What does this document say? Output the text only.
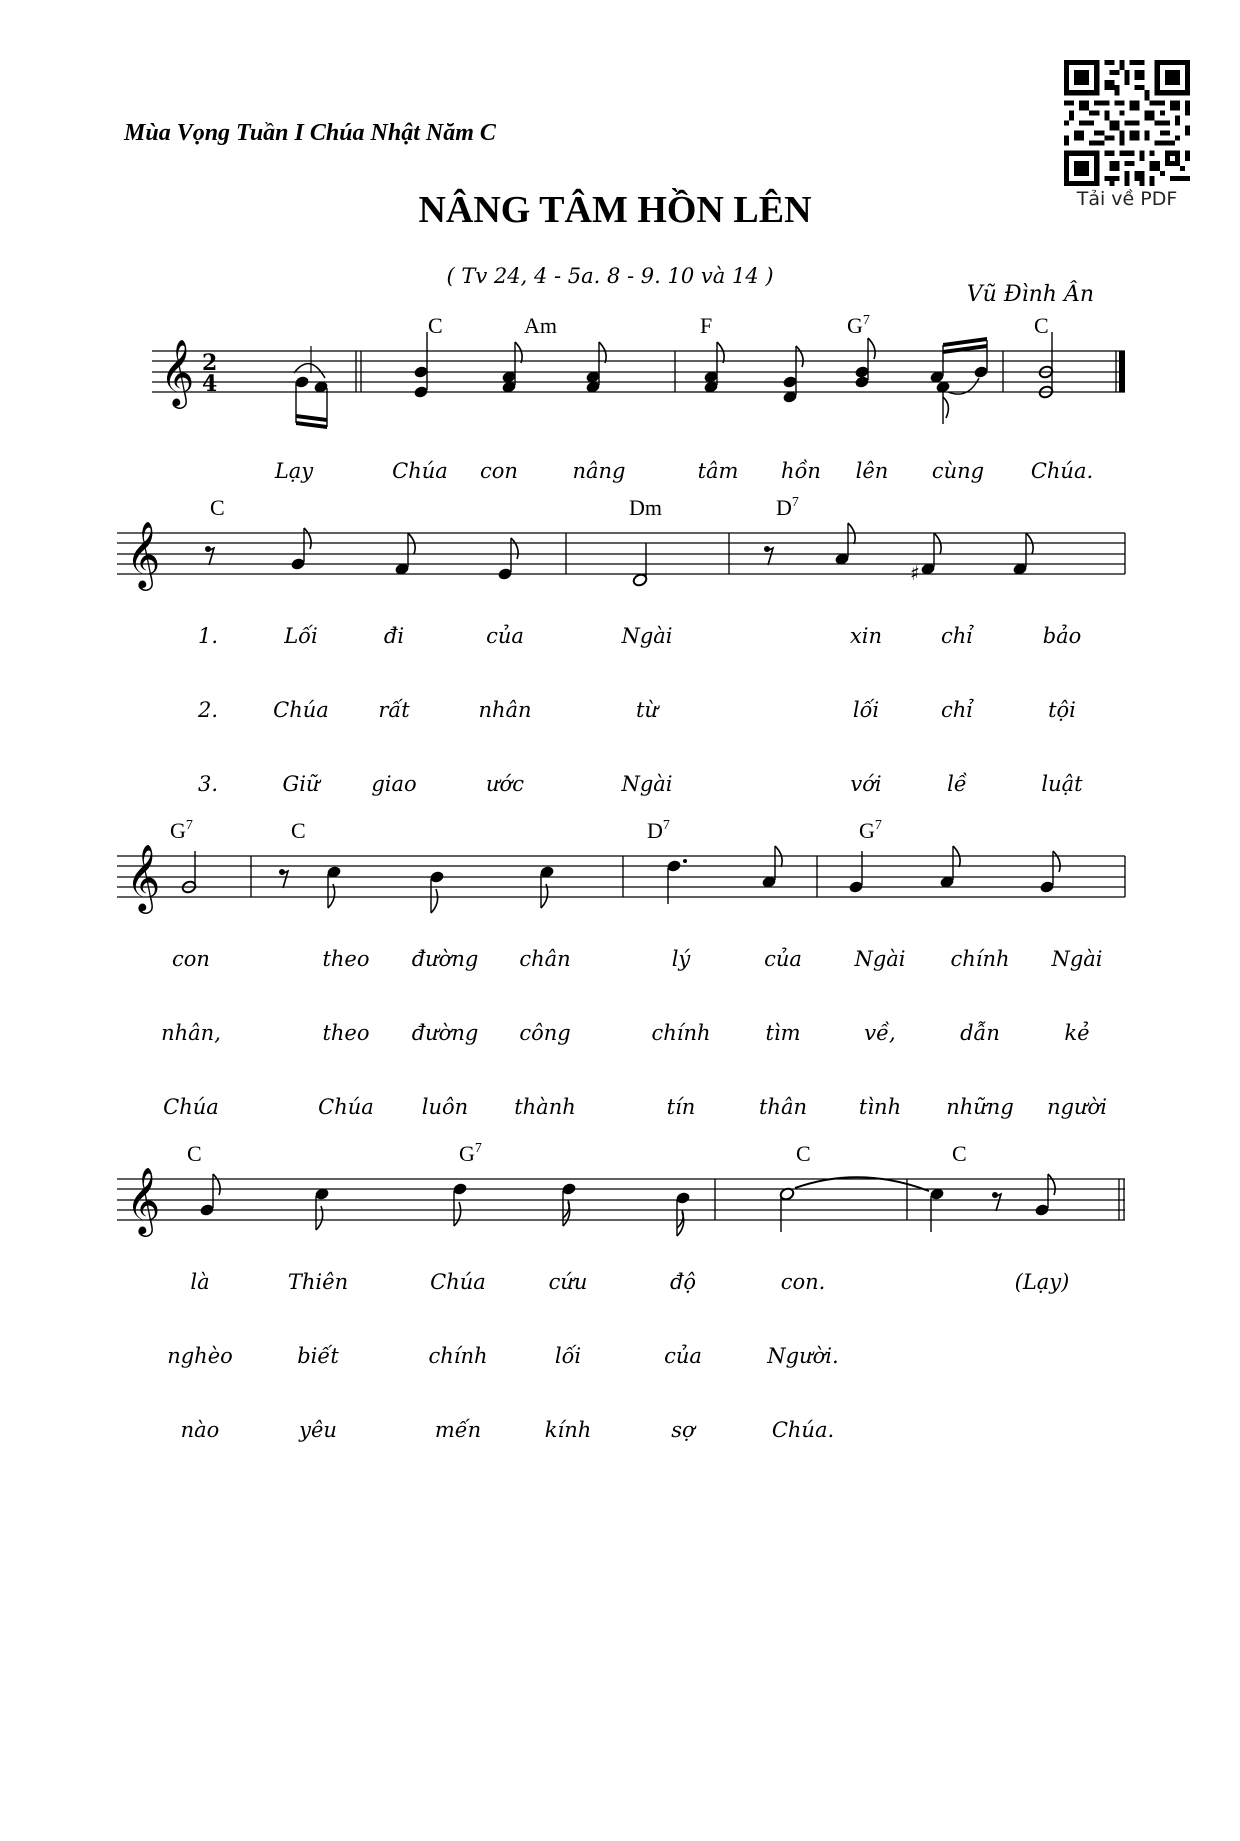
Mùa Vọng Tuần I Chúa Nhật Năm C
NÂNG TÂM HỒN LÊN
( Tv 24, 4 - 5a. 8 - 9. 10 và 14 )
Vũ Đình Ân
Tải về PDF
𝄞 2
4
𝄞	♯
𝄞
𝄞
C	Am	F	$G^7$	C
C	Dm	$D^7$
$G^7$	C	$D^7$	$G^7$
C	$G^7$	C	C
Lạy	Chúa con	nâng	tâm hồn lên cùng Chúa.
1.	Lối	đi	của	Ngài	xin	chỉ	bảo
2.	Chúa rất	nhân	từ	lối	chỉ	tội
3.	Giữ giao	ước	Ngài	với	lề	luật
con	theo đường chân	lý	của	Ngài chính Ngài
nhân,	theo đường công	chính	tìm	về,	dẫn	kẻ
Chúa	Chúa luôn thành	tín	thân tình những người
là	Thiên	Chúa	cứu	độ	con.	(Lạy)
nghèo	biết	chính	lối	của	Người.
nào	yêu	mến	kính	sợ	Chúa.
